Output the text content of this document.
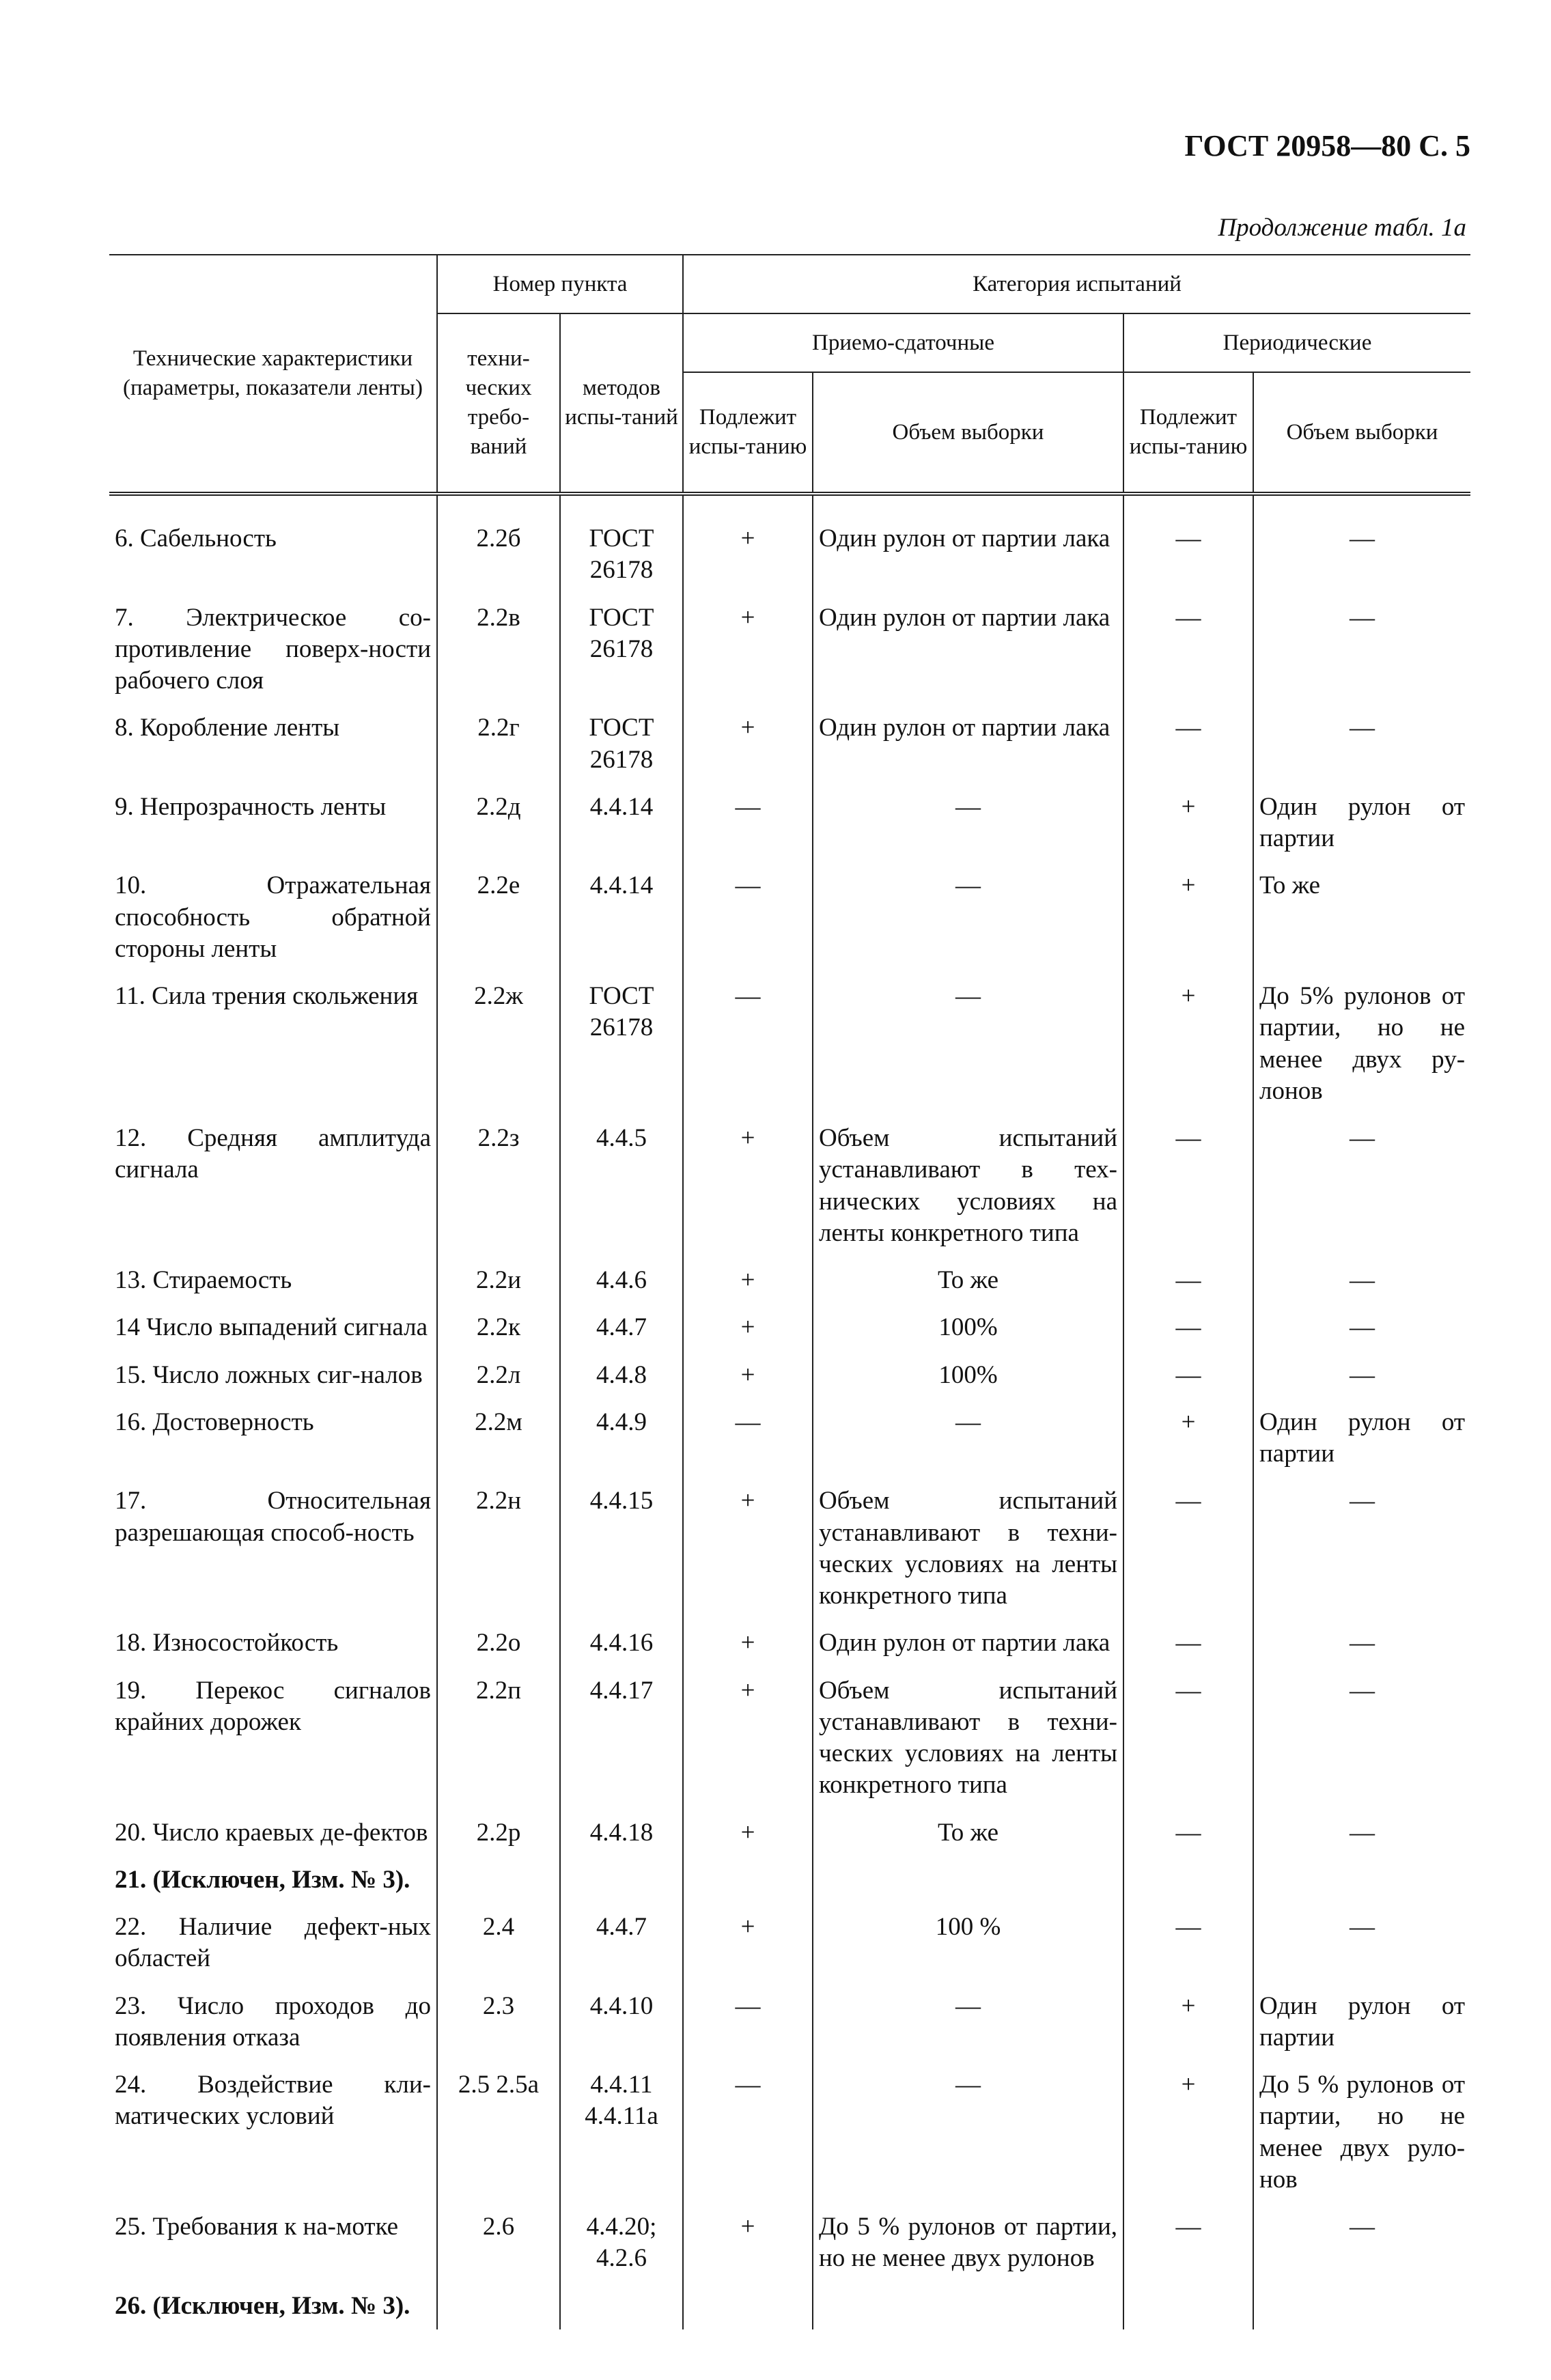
ГОСТ 20958—80 С. 5
Продолжение табл. 1а
Технические характеристики (параметры, показатели ленты)	Номер пункта		Категория испытаний			
	техни-ческих требо-ваний	методов испы-таний	Приемо-сдаточные		Периодические	
			Подлежит испы-танию	Объем выборки	Подлежит испы-танию	Объем выборки
6. Сабельность	2.2б	ГОСТ 26178	+	Один рулон от партии лака	—	—
7. Электрическое со-противление поверх-ности рабочего слоя	2.2в	ГОСТ 26178	+	Один рулон от партии лака	—	—
8. Коробление ленты	2.2г	ГОСТ 26178	+	Один рулон от партии лака	—	—
9. Непрозрачность ленты	2.2д	4.4.14	—	—	+	Один рулон от партии
10. Отражательная способность обратной стороны ленты	2.2е	4.4.14	—	—	+	То же
11. Сила трения скольжения	2.2ж	ГОСТ 26178	—	—	+	До 5% рулонов от партии, но не менее двух ру-лонов
12. Средняя амплитуда сигнала	2.2з	4.4.5	+	Объем испытаний устанавливают в тех-нических условиях на ленты конкретного типа	—	—
13. Стираемость	2.2и	4.4.6	+	То же	—	—
14 Число выпадений сигнала	2.2к	4.4.7	+	100%	—	—
15. Число ложных сиг-налов	2.2л	4.4.8	+	100%	—	—
16. Достоверность	2.2м	4.4.9	—	—	+	Один рулон от партии
17. Относительная разрешающая способ-ность	2.2н	4.4.15	+	Объем испытаний устанавливают в техни-ческих условиях на ленты конкретного типа	—	—
18. Износостойкость	2.2о	4.4.16	+	Один рулон от партии лака	—	—
19. Перекос сигналов крайних дорожек	2.2п	4.4.17	+	Объем испытаний устанавливают в техни-ческих условиях на ленты конкретного типа	—	—
20. Число краевых де-фектов	2.2р	4.4.18	+	То же	—	—
21. (Исключен, Изм. № 3).						
22. Наличие дефект-ных областей	2.4	4.4.7	+	100 %	—	—
23. Число проходов до появления отказа	2.3	4.4.10	—	—	+	Один рулон от партии
24. Воздействие кли-матических условий	2.5 2.5а	4.4.11 4.4.11а	—	—	+	До 5 % рулонов от партии, но не менее двух руло-нов
25. Требования к на-мотке	2.6	4.4.20; 4.2.6	+	До 5 % рулонов от партии, но не менее двух рулонов	—	—
26. (Исключен, Изм. № 3).						
